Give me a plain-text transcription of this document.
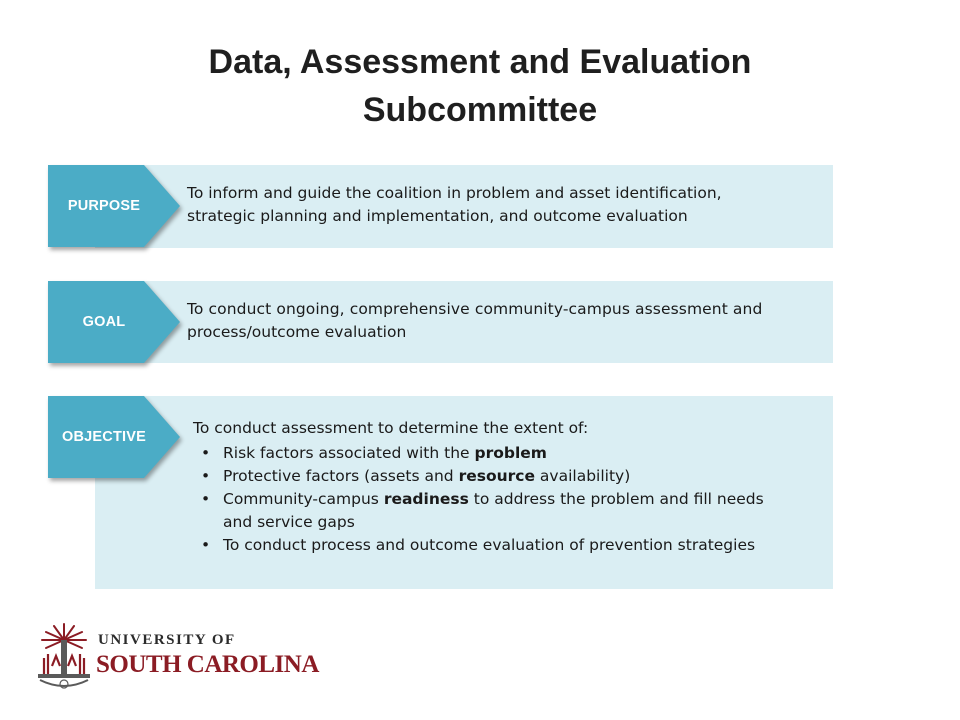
Data, Assessment and Evaluation
Subcommittee
To inform and guide the coalition in problem and asset identification,
strategic planning and implementation, and outcome evaluation
PURPOSE
To conduct ongoing, comprehensive community-campus assessment and
process/outcome evaluation
GOAL
To conduct assessment to determine the extent of:
• Risk factors associated with the problem
• Protective factors (assets and resource availability)
• Community-campus readiness to address the problem and fill needs
and service gaps
• To conduct process and outcome evaluation of prevention strategies
OBJECTIVE
UNIVERSITY OF
SOUTH CAROLINA
